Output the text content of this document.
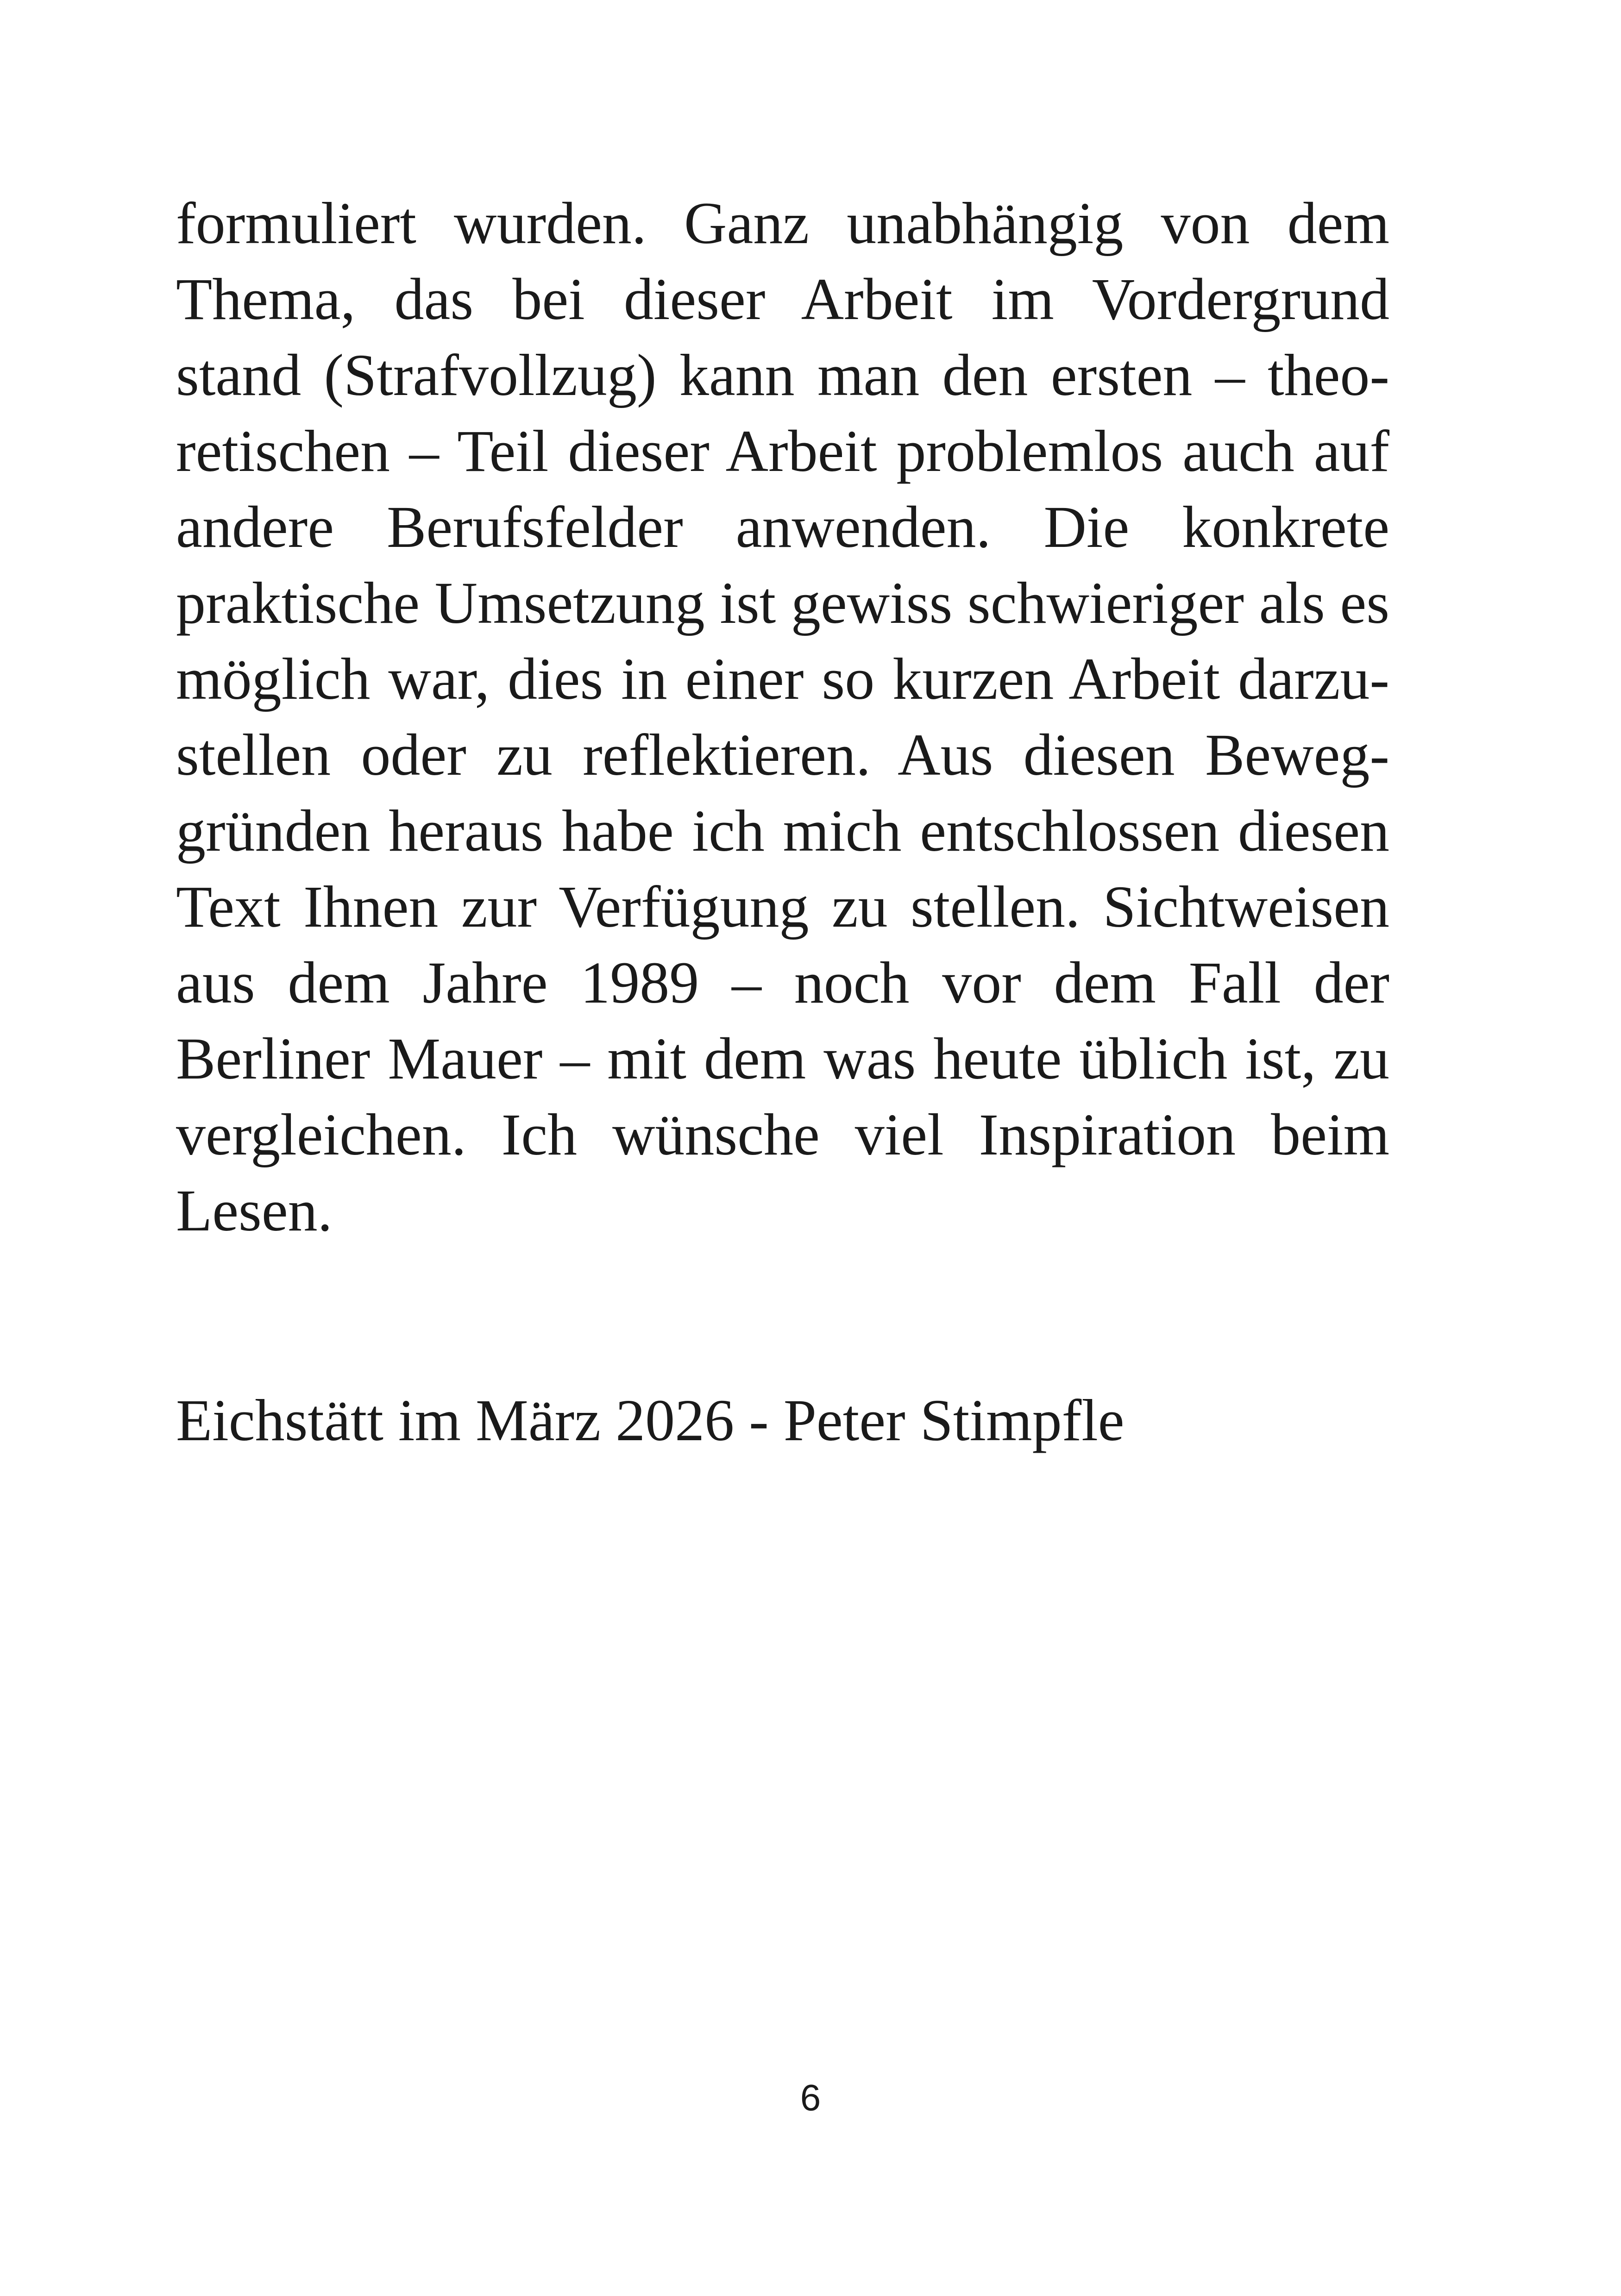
formuliert wurden. Ganz unabhängig von dem
Thema, das bei dieser Arbeit im Vordergrund
stand (Strafvollzug) kann man den ersten – theo-
retischen – Teil dieser Arbeit problemlos auch auf
andere Berufsfelder anwenden. Die konkrete
praktische Umsetzung ist gewiss schwieriger als es
möglich war, dies in einer so kurzen Arbeit darzu-
stellen oder zu reflektieren. Aus diesen Beweg-
gründen heraus habe ich mich entschlossen diesen
Text Ihnen zur Verfügung zu stellen. Sichtweisen
aus dem Jahre 1989 – noch vor dem Fall der
Berliner Mauer – mit dem was heute üblich ist, zu
vergleichen. Ich wünsche viel Inspiration beim
Lesen.
Eichstätt im März 2026 - Peter Stimpfle
6
